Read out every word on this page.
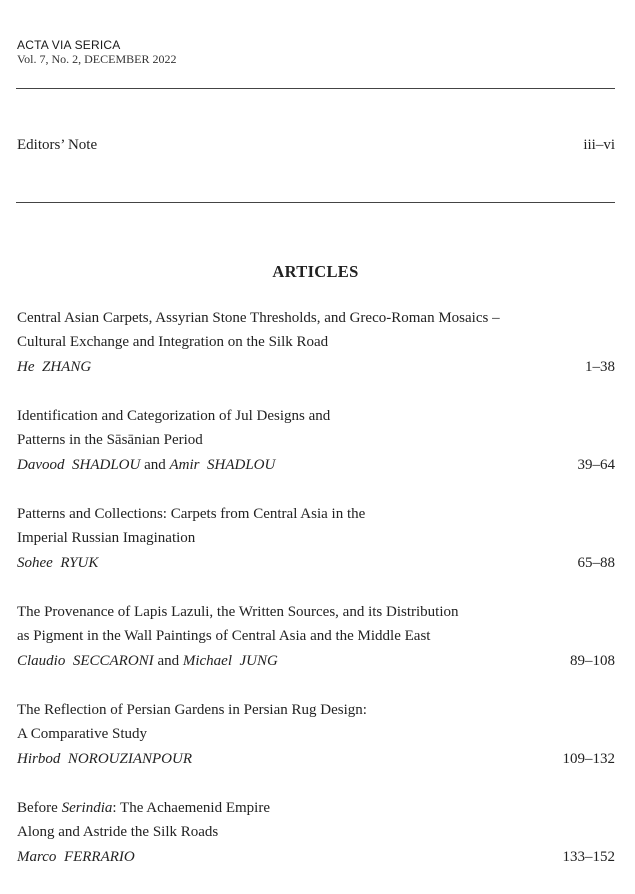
ACTA VIA SERICA
Vol. 7, No. 2, DECEMBER 2022
Editors’ Note	iii–vi
ARTICLES
Central Asian Carpets, Assyrian Stone Thresholds, and Greco-Roman Mosaics –
Cultural Exchange and Integration on the Silk Road
He  ZHANG	1–38
Identification and Categorization of Jul Designs and
Patterns in the Sāsānian Period
Davood  SHADLOU and Amir  SHADLOU	39–64
Patterns and Collections: Carpets from Central Asia in the
Imperial Russian Imagination
Sohee  RYUK	65–88
The Provenance of Lapis Lazuli, the Written Sources, and its Distribution
as Pigment in the Wall Paintings of Central Asia and the Middle East
Claudio  SECCARONI and Michael  JUNG	89–108
The Reflection of Persian Gardens in Persian Rug Design:
A Comparative Study
Hirbod  NOROUZIANPOUR	109–132
Before Serindia: The Achaemenid Empire
Along and Astride the Silk Roads
Marco  FERRARIO	133–152
